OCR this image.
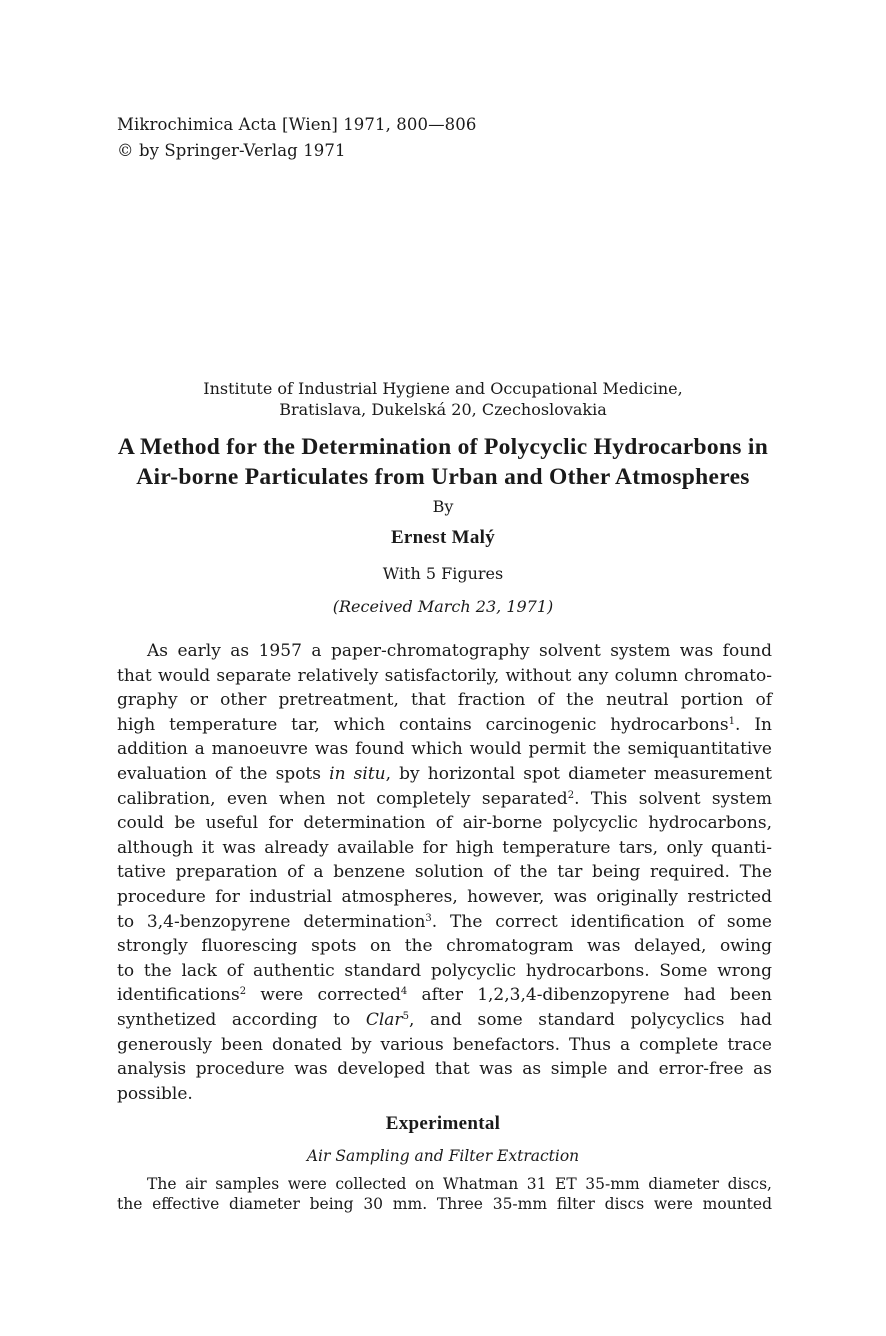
Mikrochimica Acta [Wien] 1971, 800—806
© by Springer-Verlag 1971
Institute of Industrial Hygiene and Occupational Medicine,
Bratislava, Dukelská 20, Czechoslovakia
A Method for the Determination of Polycyclic Hydrocarbons in
Air-borne Particulates from Urban and Other Atmospheres
By
Ernest Malý
With 5 Figures
(Received March 23, 1971)
As early as 1957 a paper-chromatography solvent system was found
that would separate relatively satisfactorily, without any column chromato-
graphy or other pretreatment, that fraction of the neutral portion of
high temperature tar, which contains carcinogenic hydrocarbons$^1$. In
addition a manoeuvre was found which would permit the semiquantitative
evaluation of the spots in situ, by horizontal spot diameter measurement
calibration, even when not completely separated$^2$. This solvent system
could be useful for determination of air-borne polycyclic hydrocarbons,
although it was already available for high temperature tars, only quanti-
tative preparation of a benzene solution of the tar being required. The
procedure for industrial atmospheres, however, was originally restricted
to 3,4-benzopyrene determination$^3$. The correct identification of some
strongly fluorescing spots on the chromatogram was delayed, owing
to the lack of authentic standard polycyclic hydrocarbons. Some wrong
identifications$^2$ were corrected$^4$ after 1,2,3,4-dibenzopyrene had been
synthetized according to Clar$^5$, and some standard polycyclics had
generously been donated by various benefactors. Thus a complete trace
analysis procedure was developed that was as simple and error-free as
possible.
Experimental
Air Sampling and Filter Extraction
The air samples were collected on Whatman 31 ET 35-mm diameter discs,
the effective diameter being 30 mm. Three 35-mm filter discs were mounted
